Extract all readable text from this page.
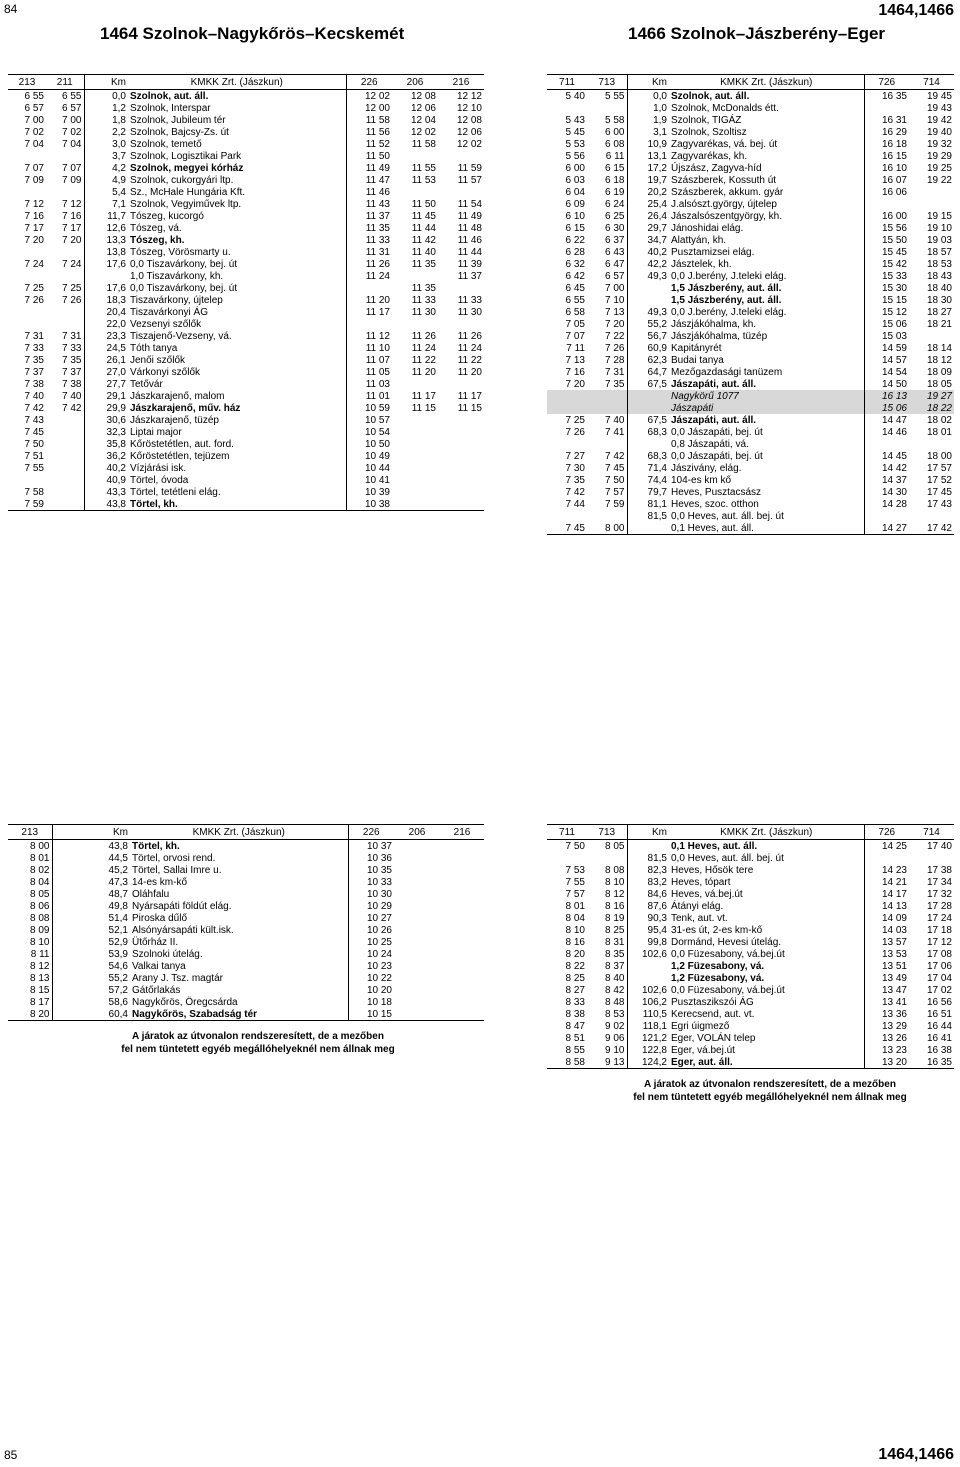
84
1464 Szolnok–Nagykőrös–Kecskemét	1466 Szolnok–Jászberény–Eger
1464,1466
213	211	Km	KMKK Zrt. (Jászkun)	226	206	216
6 55	6 55	0,0	Szolnok, aut. áll.	12 02	12 08	12 12
6 57	6 57	1,2	Szolnok, Interspar	12 00	12 06	12 10
7 00	7 00	1,8	Szolnok, Jubileum tér	11 58	12 04	12 08
7 02	7 02	2,2	Szolnok, Bajcsy-Zs. út	11 56	12 02	12 06
7 04	7 04	3,0	Szolnok, temető	11 52	11 58	12 02
		3,7	Szolnok, Logisztikai Park	11 50		
7 07	7 07	4,2	Szolnok, megyei kórház	11 49	11 55	11 59
7 09	7 09	4,9	Szolnok, cukorgyári ltp.	11 47	11 53	11 57
		5,4	Sz., McHale Hungária Kft.	11 46		
7 12	7 12	7,1	Szolnok, Vegyiművek ltp.	11 43	11 50	11 54
7 16	7 16	11,7	Tószeg, kucorgó	11 37	11 45	11 49
7 17	7 17	12,6	Tószeg, vá.	11 35	11 44	11 48
7 20	7 20	13,3	Tószeg, kh.	11 33	11 42	11 46
		13,8	Tószeg, Vörösmarty u.	11 31	11 40	11 44
7 24	7 24	17,6	0,0 Tiszavárkony, bej. út	11 26	11 35	11 39
			1,0 Tiszavárkony, kh.	11 24		11 37
7 25	7 25	17,6	0,0 Tiszavárkony, bej. út		11 35	
7 26	7 26	18,3	Tiszavárkony, újtelep	11 20	11 33	11 33
		20,4	Tiszavárkonyi ÁG	11 17	11 30	11 30
		22,0	Vezsenyi szőlők			
7 31	7 31	23,3	Tiszajenő-Vezseny, vá.	11 12	11 26	11 26
7 33	7 33	24,5	Tóth tanya	11 10	11 24	11 24
7 35	7 35	26,1	Jenői szőlők	11 07	11 22	11 22
7 37	7 37	27,0	Várkonyi szőlők	11 05	11 20	11 20
7 38	7 38	27,7	Tetővár	11 03		
7 40	7 40	29,1	Jászkarajenő, malom	11 01	11 17	11 17
7 42	7 42	29,9	Jászkarajenő, műv. ház	10 59	11 15	11 15
7 43		30,6	Jászkarajenő, tüzép	10 57		
7 45		32,3	Liptai major	10 54		
7 50		35,8	Kőröstetétlen, aut. ford.	10 50		
7 51		36,2	Kőröstetétlen, tejüzem	10 49		
7 55		40,2	Vízjárási isk.	10 44		
		40,9	Törtel, óvoda	10 41		
7 58		43,3	Törtel, tetétleni elág.	10 39		
7 59		43,8	Törtel, kh.	10 38		
711	713	Km	KMKK Zrt. (Jászkun)	726	714
5 40	5 55	0,0	Szolnok, aut. áll.	16 35	19 45
		1,0	Szolnok, McDonalds étt.		19 43
5 43	5 58	1,9	Szolnok, TIGÁZ	16 31	19 42
5 45	6 00	3,1	Szolnok, Szoltisz	16 29	19 40
5 53	6 08	10,9	Zagyvarékas, vá. bej. út	16 18	19 32
5 56	6 11	13,1	Zagyvarékas, kh.	16 15	19 29
6 00	6 15	17,2	Újszász, Zagyva-híd	16 10	19 25
6 03	6 18	19,7	Szászberek, Kossuth út	16 07	19 22
6 04	6 19	20,2	Szászberek, akkum. gyár	16 06	
6 09	6 24	25,4	J.alsószt.györgy, újtelep		
6 10	6 25	26,4	Jászalsószentgyörgy, kh.	16 00	19 15
6 15	6 30	29,7	Jánoshidai elág.	15 56	19 10
6 22	6 37	34,7	Alattyán, kh.	15 50	19 03
6 28	6 43	40,2	Pusztamizsei elág.	15 45	18 57
6 32	6 47	42,2	Jásztelek, kh.	15 42	18 53
6 42	6 57	49,3	0,0 J.berény, J.teleki elág.	15 33	18 43
6 45	7 00		1,5 Jászberény, aut. áll.	15 30	18 40
6 55	7 10		1,5 Jászberény, aut. áll.	15 15	18 30
6 58	7 13	49,3	0,0 J.berény, J.teleki elág.	15 12	18 27
7 05	7 20	55,2	Jászjákóhalma, kh.	15 06	18 21
7 07	7 22	56,7	Jászjákóhalma, tüzép	15 03	
7 11	7 26	60,9	Kapitányrét	14 59	18 14
7 13	7 28	62,3	Budai tanya	14 57	18 12
7 16	7 31	64,7	Mezőgazdasági tanüzem	14 54	18 09
7 20	7 35	67,5	Jászapáti, aut. áll.	14 50	18 05
			Nagykörű 1077	16 13	19 27
			Jászapáti	15 06	18 22
7 25	7 40	67,5	Jászapáti, aut. áll.	14 47	18 02
7 26	7 41	68,3	0,0 Jászapáti, bej. út	14 46	18 01
			0,8 Jászapáti, vá.		
7 27	7 42	68,3	0,0 Jászapáti, bej. út	14 45	18 00
7 30	7 45	71,4	Jászivány, elág.	14 42	17 57
7 35	7 50	74,4	104-es km kő	14 37	17 52
7 42	7 57	79,7	Heves, Pusztacsász	14 30	17 45
7 44	7 59	81,1	Heves, szoc. otthon	14 28	17 43
		81,5	0,0 Heves, aut. áll. bej. út		
7 45	8 00		0,1 Heves, aut. áll.	14 27	17 42
213	Km	KMKK Zrt. (Jászkun)	226	206	216
8 00	43,8	Törtel, kh.	10 37		
8 01	44,5	Törtel, orvosi rend.	10 36		
8 02	45,2	Törtel, Sallai Imre u.	10 35		
8 04	47,3	14-es km-kő	10 33		
8 05	48,7	Oláhfalu	10 30		
8 06	49,8	Nyársapáti földút elág.	10 29		
8 08	51,4	Piroska dűlő	10 27		
8 09	52,1	Alsónyársapáti kült.isk.	10 26		
8 10	52,9	Ütőrház II.	10 25		
8 11	53,9	Szolnoki útelág.	10 24		
8 12	54,6	Valkai tanya	10 23		
8 13	55,2	Arany J. Tsz. magtár	10 22		
8 15	57,2	Gátőrlakás	10 20		
8 17	58,6	Nagykőrös, Öregcsárda	10 18		
8 20	60,4	Nagykőrös, Szabadság tér	10 15		
711	713	Km	KMKK Zrt. (Jászkun)	726	714
7 50	8 05		0,1 Heves, aut. áll.	14 25	17 40
		81,5	0,0 Heves, aut. áll. bej. út		
7 53	8 08	82,3	Heves, Hősök tere	14 23	17 38
7 55	8 10	83,2	Heves, tópart	14 21	17 34
7 57	8 12	84,6	Heves, vá.bej.út	14 17	17 32
8 01	8 16	87,6	Átányi elág.	14 13	17 28
8 04	8 19	90,3	Tenk, aut. vt.	14 09	17 24
8 10	8 25	95,4	31-es út, 2-es km-kő	14 03	17 18
8 16	8 31	99,8	Dormánd, Hevesi útelág.	13 57	17 12
8 20	8 35	102,6	0,0 Füzesabony, vá.bej.út	13 53	17 08
8 22	8 37		1,2 Füzesabony, vá.	13 51	17 06
8 25	8 40		1,2 Füzesabony, vá.	13 49	17 04
8 27	8 42	102,6	0,0 Füzesabony, vá.bej.út	13 47	17 02
8 33	8 48	106,2	Pusztaszikszói ÁG	13 41	16 56
8 38	8 53	110,5	Kerecsend, aut. vt.	13 36	16 51
8 47	9 02	118,1	Egri úigmező	13 29	16 44
8 51	9 06	121,2	Eger, VOLÁN telep	13 26	16 41
8 55	9 10	122,8	Eger, vá.bej.út	13 23	16 38
8 58	9 13	124,2	Eger, aut. áll.	13 20	16 35
A járatok az útvonalon rendszeresített, de a mezőben
fel nem tüntetett egyéb megállóhelyeknél nem állnak meg
A járatok az útvonalon rendszeresített, de a mezőben
fel nem tüntetett egyéb megállóhelyeknél nem állnak meg
85	1464,1466
